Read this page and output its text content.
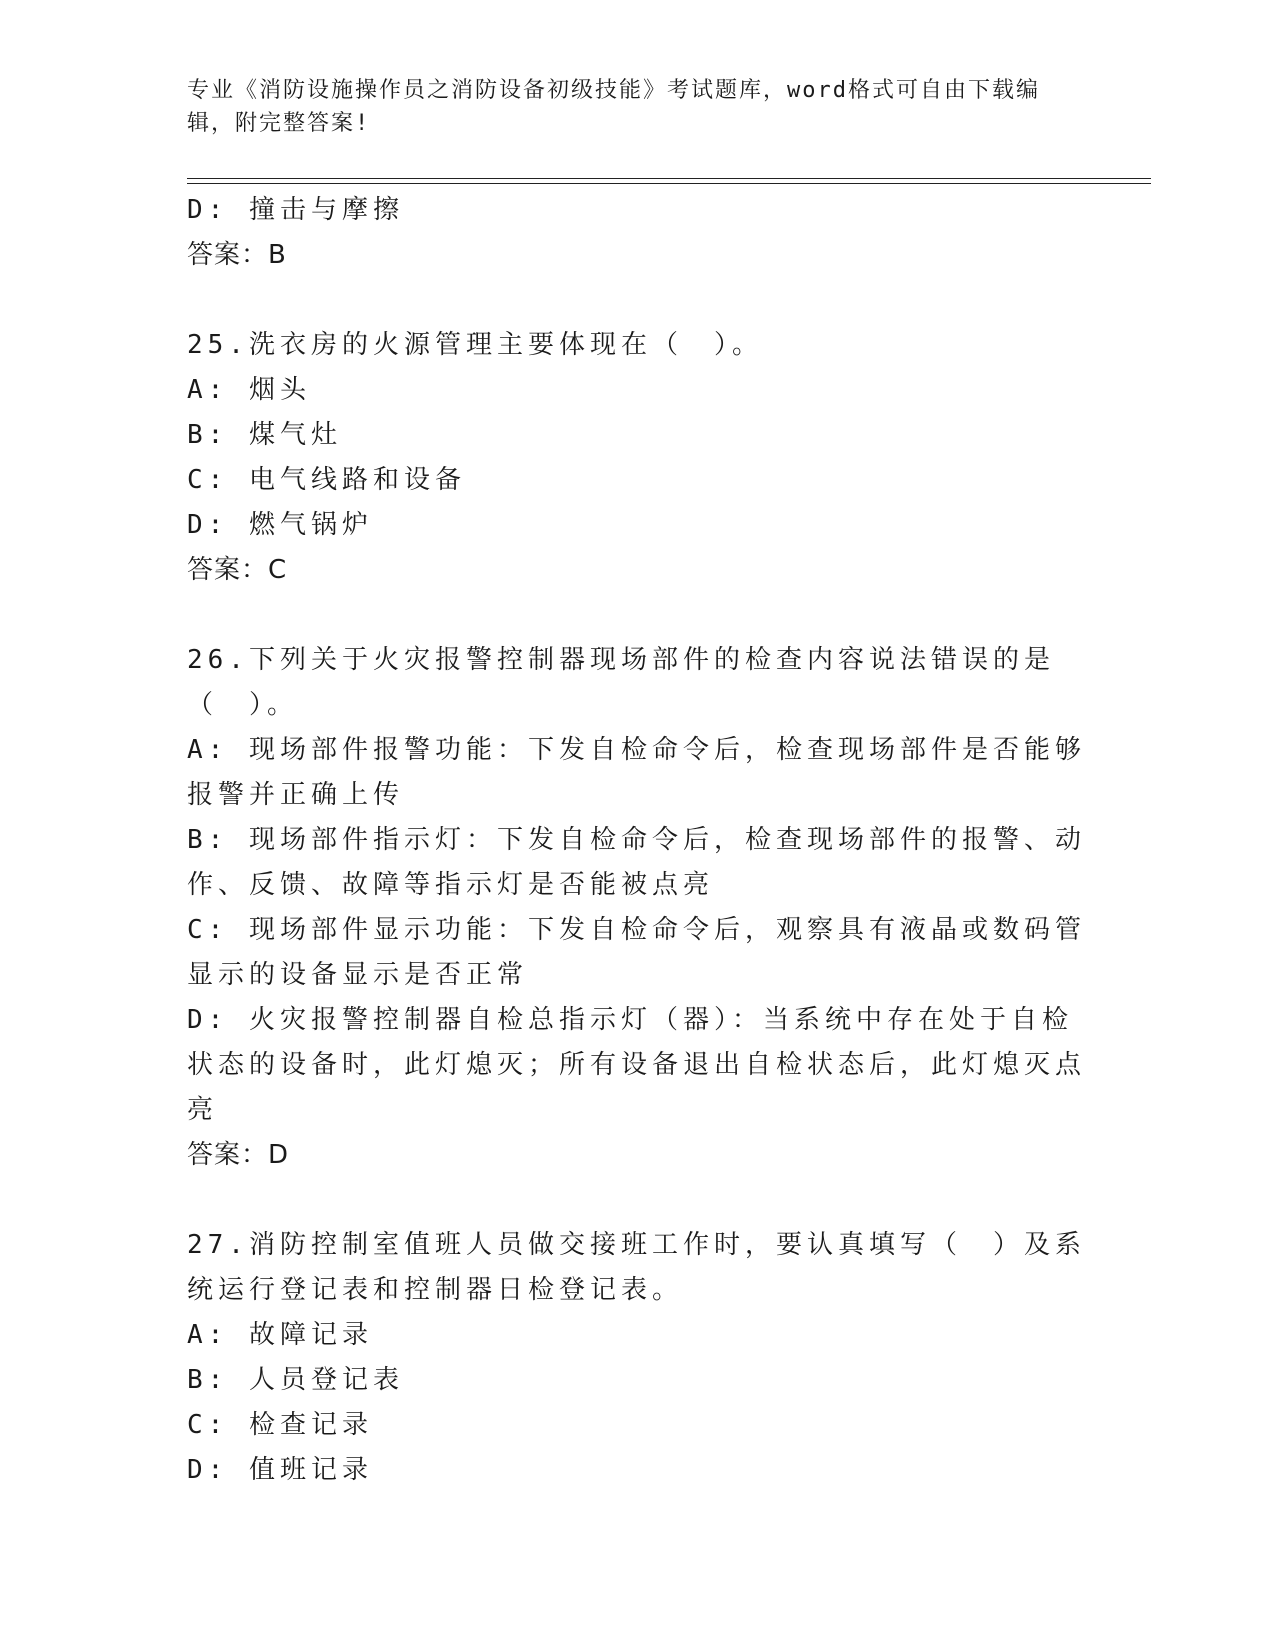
专业《消防设施操作员之消防设备初级技能》考试题库，word格式可自由下载编辑，附完整答案!
D: 撞击与摩擦
答案：B
25.洗衣房的火源管理主要体现在（　）。
A: 烟头
B: 煤气灶
C: 电气线路和设备
D: 燃气锅炉
答案：C
26.下列关于火灾报警控制器现场部件的检查内容说法错误的是（　）。
A: 现场部件报警功能：下发自检命令后，检查现场部件是否能够报警并正确上传
B: 现场部件指示灯：下发自检命令后，检查现场部件的报警、动作、反馈、故障等指示灯是否能被点亮
C: 现场部件显示功能：下发自检命令后，观察具有液晶或数码管显示的设备显示是否正常
D: 火灾报警控制器自检总指示灯（器）：当系统中存在处于自检状态的设备时，此灯熄灭；所有设备退出自检状态后，此灯熄灭点亮
答案：D
27.消防控制室值班人员做交接班工作时，要认真填写（　）及系统运行登记表和控制器日检登记表。
A: 故障记录
B: 人员登记表
C: 检查记录
D: 值班记录
